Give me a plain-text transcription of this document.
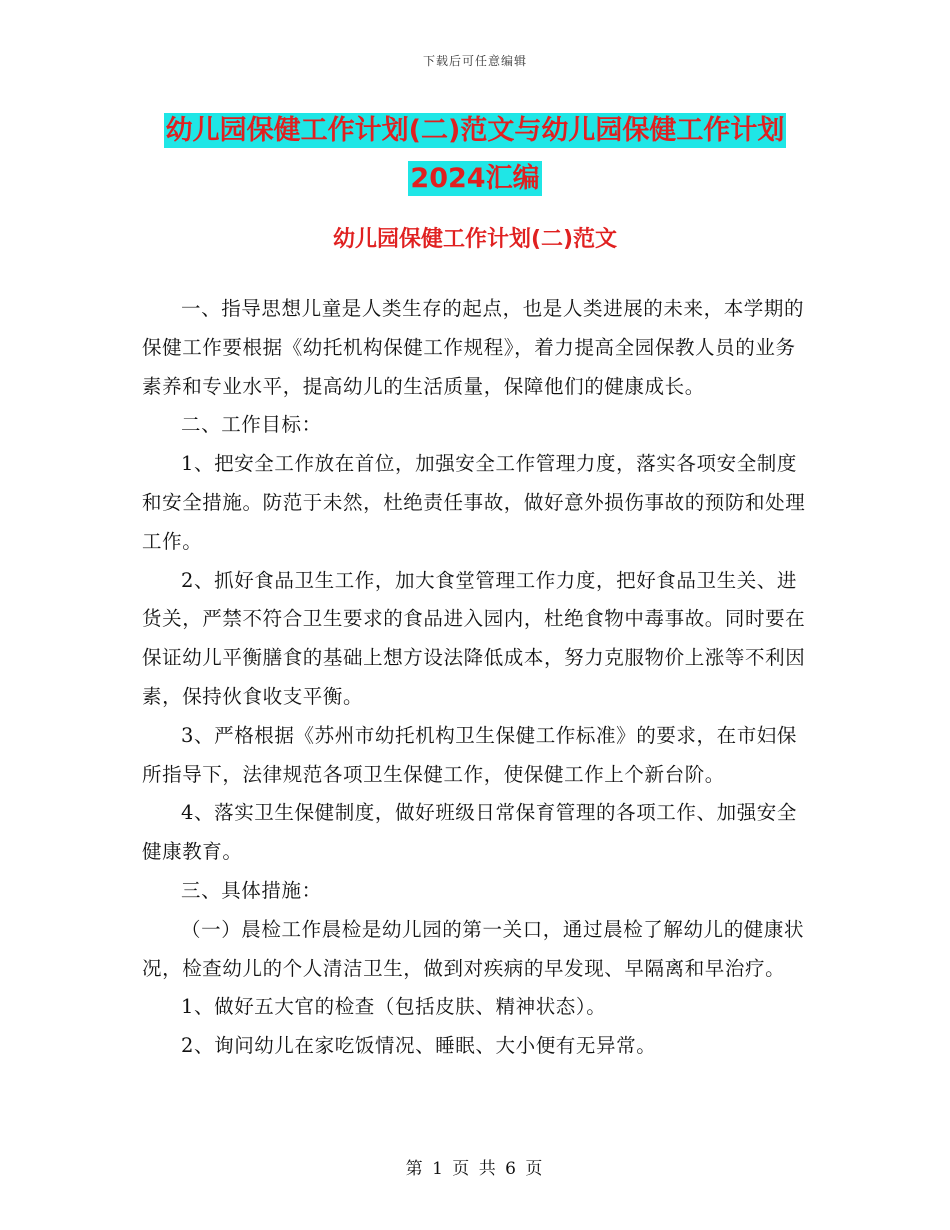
下载后可任意编辑
幼儿园保健工作计划(二)范文与幼儿园保健工作计划
2024汇编
幼儿园保健工作计划(二)范文

一、指导思想儿童是人类生存的起点，也是人类进展的未来，本学期的保健工作要根据《幼托机构保健工作规程》，着力提高全园保教人员的业务素养和专业水平，提高幼儿的生活质量，保障他们的健康成长。

二、工作目标：

1、把安全工作放在首位，加强安全工作管理力度，落实各项安全制度和安全措施。防范于未然，杜绝责任事故，做好意外损伤事故的预防和处理工作。

2、抓好食品卫生工作，加大食堂管理工作力度，把好食品卫生关、进货关，严禁不符合卫生要求的食品进入园内，杜绝食物中毒事故。同时要在保证幼儿平衡膳食的基础上想方设法降低成本，努力克服物价上涨等不利因素，保持伙食收支平衡。

3、严格根据《苏州市幼托机构卫生保健工作标准》的要求，在市妇保所指导下，法律规范各项卫生保健工作，使保健工作上个新台阶。

4、落实卫生保健制度，做好班级日常保育管理的各项工作、加强安全健康教育。

三、具体措施：

（一）晨检工作晨检是幼儿园的第一关口，通过晨检了解幼儿的健康状况，检查幼儿的个人清洁卫生，做到对疾病的早发现、早隔离和早治疗。

1、做好五大官的检查（包括皮肤、精神状态）。

2、询问幼儿在家吃饭情况、睡眠、大小便有无异常。

第 1 页 共 6 页
